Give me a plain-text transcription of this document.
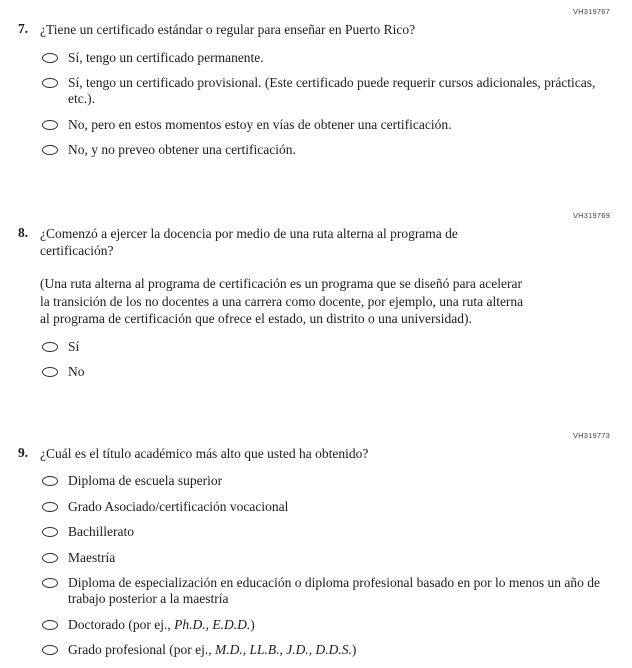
VH319767
7. ¿Tiene un certificado estándar o regular para enseñar en Puerto Rico?

Sí, tengo un certificado permanente.
Sí, tengo un certificado provisional. (Este certificado puede requerir cursos adicionales, prácticas, etc.).
No, pero en estos momentos estoy en vías de obtener una certificación.
No, y no preveo obtener una certificación.
VH319769
8. ¿Comenzó a ejercer la docencia por medio de una ruta alterna al programa de certificación?

(Una ruta alterna al programa de certificación es un programa que se diseñó para acelerar la transición de los no docentes a una carrera como docente, por ejemplo, una ruta alterna al programa de certificación que ofrece el estado, un distrito o una universidad).

Sí
No
VH319773
9. ¿Cuál es el título académico más alto que usted ha obtenido?

Diploma de escuela superior
Grado Asociado/certificación vocacional
Bachillerato
Maestría
Diploma de especialización en educación o diploma profesional basado en por lo menos un año de trabajo posterior a la maestría
Doctorado (por ej., Ph.D., E.D.D.)
Grado profesional (por ej., M.D., LL.B., J.D., D.D.S.)
